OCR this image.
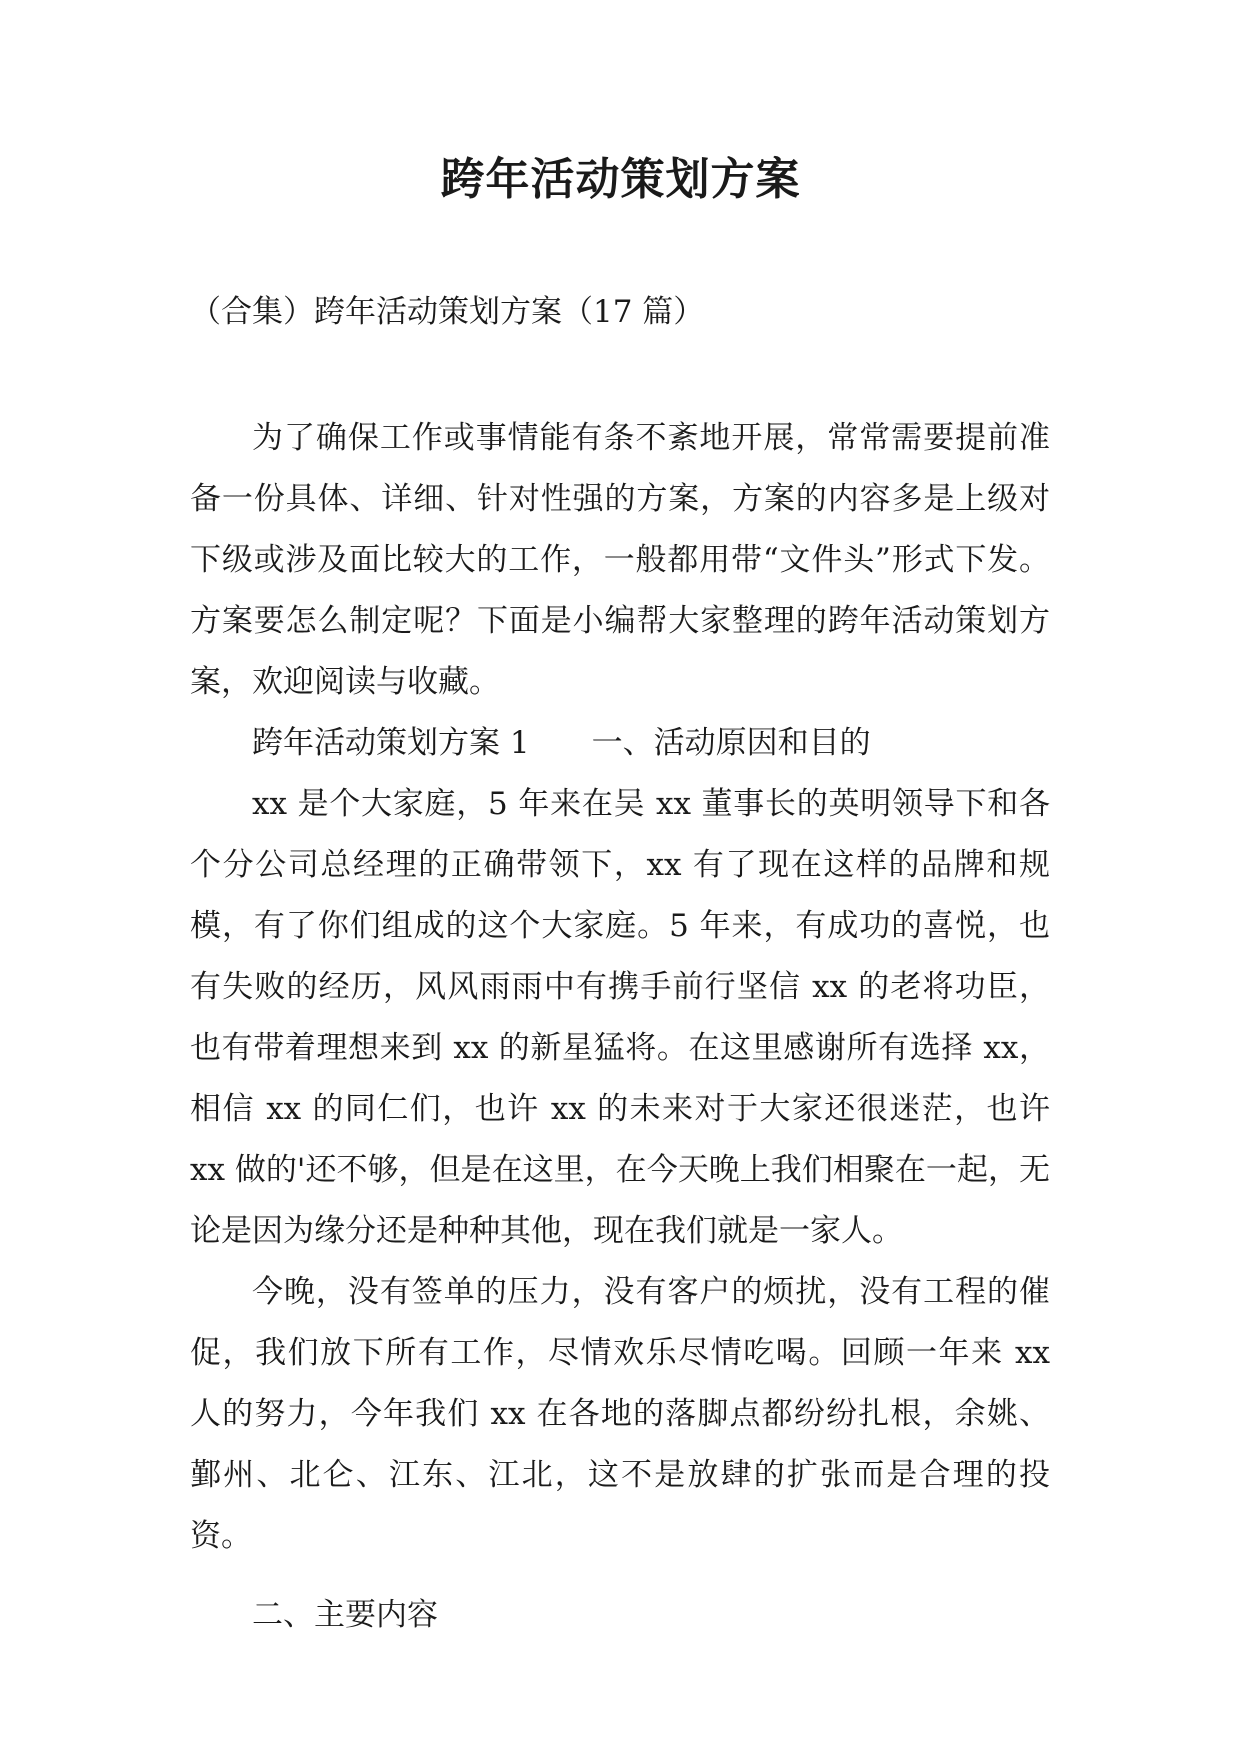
跨年活动策划方案
（合集）跨年活动策划方案（17 篇）

为了确保工作或事情能有条不紊地开展，常常需要提前准备一份具体、详细、针对性强的方案，方案的内容多是上级对下级或涉及面比较大的工作，一般都用带“文件头”形式下发。方案要怎么制定呢？下面是小编帮大家整理的跨年活动策划方案，欢迎阅读与收藏。

跨年活动策划方案 1　　一、活动原因和目的

xx 是个大家庭，5 年来在吴 xx 董事长的英明领导下和各个分公司总经理的正确带领下，xx 有了现在这样的品牌和规模，有了你们组成的这个大家庭。5 年来，有成功的喜悦，也有失败的经历，风风雨雨中有携手前行坚信 xx 的老将功臣，也有带着理想来到 xx 的新星猛将。在这里感谢所有选择 xx，相信 xx 的同仁们，也许 xx 的未来对于大家还很迷茫，也许 xx 做的'还不够，但是在这里，在今天晚上我们相聚在一起，无论是因为缘分还是种种其他，现在我们就是一家人。

今晚，没有签单的压力，没有客户的烦扰，没有工程的催促，我们放下所有工作，尽情欢乐尽情吃喝。回顾一年来 xx 人的努力，今年我们 xx 在各地的落脚点都纷纷扎根，余姚、鄞州、北仑、江东、江北，这不是放肆的扩张而是合理的投资。

二、主要内容
